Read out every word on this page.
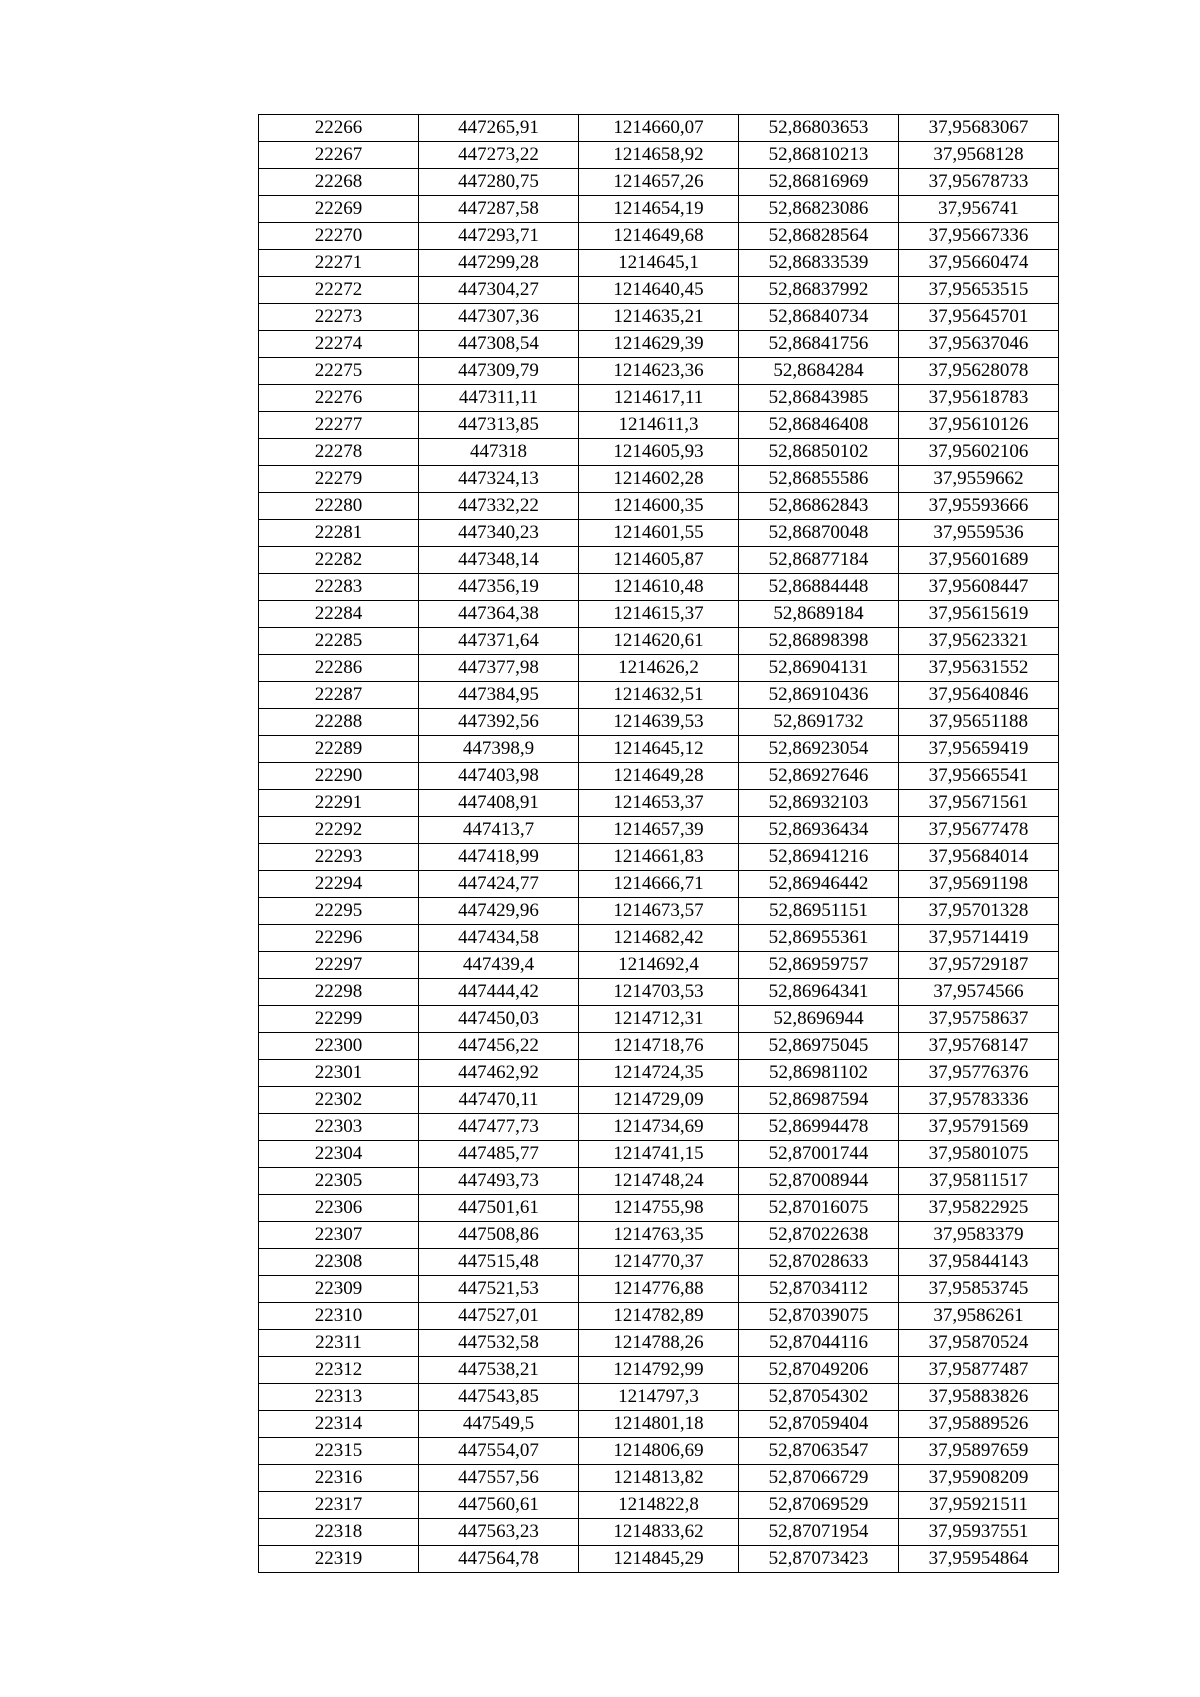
22266	447265,91	1214660,07	52,86803653	37,95683067
22267	447273,22	1214658,92	52,86810213	37,9568128
22268	447280,75	1214657,26	52,86816969	37,95678733
22269	447287,58	1214654,19	52,86823086	37,956741
22270	447293,71	1214649,68	52,86828564	37,95667336
22271	447299,28	1214645,1	52,86833539	37,95660474
22272	447304,27	1214640,45	52,86837992	37,95653515
22273	447307,36	1214635,21	52,86840734	37,95645701
22274	447308,54	1214629,39	52,86841756	37,95637046
22275	447309,79	1214623,36	52,8684284	37,95628078
22276	447311,11	1214617,11	52,86843985	37,95618783
22277	447313,85	1214611,3	52,86846408	37,95610126
22278	447318	1214605,93	52,86850102	37,95602106
22279	447324,13	1214602,28	52,86855586	37,9559662
22280	447332,22	1214600,35	52,86862843	37,95593666
22281	447340,23	1214601,55	52,86870048	37,9559536
22282	447348,14	1214605,87	52,86877184	37,95601689
22283	447356,19	1214610,48	52,86884448	37,95608447
22284	447364,38	1214615,37	52,8689184	37,95615619
22285	447371,64	1214620,61	52,86898398	37,95623321
22286	447377,98	1214626,2	52,86904131	37,95631552
22287	447384,95	1214632,51	52,86910436	37,95640846
22288	447392,56	1214639,53	52,8691732	37,95651188
22289	447398,9	1214645,12	52,86923054	37,95659419
22290	447403,98	1214649,28	52,86927646	37,95665541
22291	447408,91	1214653,37	52,86932103	37,95671561
22292	447413,7	1214657,39	52,86936434	37,95677478
22293	447418,99	1214661,83	52,86941216	37,95684014
22294	447424,77	1214666,71	52,86946442	37,95691198
22295	447429,96	1214673,57	52,86951151	37,95701328
22296	447434,58	1214682,42	52,86955361	37,95714419
22297	447439,4	1214692,4	52,86959757	37,95729187
22298	447444,42	1214703,53	52,86964341	37,9574566
22299	447450,03	1214712,31	52,8696944	37,95758637
22300	447456,22	1214718,76	52,86975045	37,95768147
22301	447462,92	1214724,35	52,86981102	37,95776376
22302	447470,11	1214729,09	52,86987594	37,95783336
22303	447477,73	1214734,69	52,86994478	37,95791569
22304	447485,77	1214741,15	52,87001744	37,95801075
22305	447493,73	1214748,24	52,87008944	37,95811517
22306	447501,61	1214755,98	52,87016075	37,95822925
22307	447508,86	1214763,35	52,87022638	37,9583379
22308	447515,48	1214770,37	52,87028633	37,95844143
22309	447521,53	1214776,88	52,87034112	37,95853745
22310	447527,01	1214782,89	52,87039075	37,9586261
22311	447532,58	1214788,26	52,87044116	37,95870524
22312	447538,21	1214792,99	52,87049206	37,95877487
22313	447543,85	1214797,3	52,87054302	37,95883826
22314	447549,5	1214801,18	52,87059404	37,95889526
22315	447554,07	1214806,69	52,87063547	37,95897659
22316	447557,56	1214813,82	52,87066729	37,95908209
22317	447560,61	1214822,8	52,87069529	37,95921511
22318	447563,23	1214833,62	52,87071954	37,95937551
22319	447564,78	1214845,29	52,87073423	37,95954864
